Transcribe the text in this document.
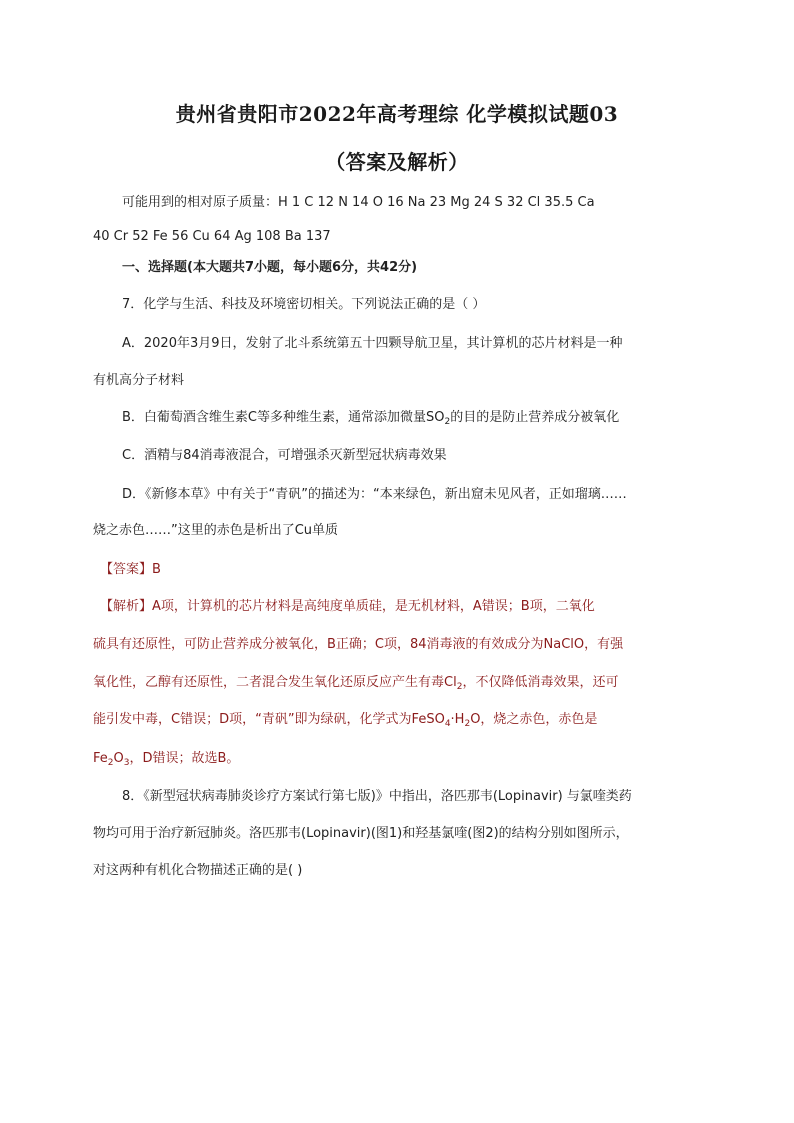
贵州省贵阳市2022年高考理综 化学模拟试题03
（答案及解析）
可能用到的相对原子质量：H 1 C 12 N 14 O 16 Na 23 Mg 24 S 32 Cl 35.5 Ca
40 Cr 52 Fe 56 Cu 64 Ag 108 Ba 137
一、选择题(本大题共7小题，每小题6分，共42分)
7．化学与生活、科技及环境密切相关。下列说法正确的是（ ）
A．2020年3月9日，发射了北斗系统第五十四颗导航卫星，其计算机的芯片材料是一种
有机高分子材料
B．白葡萄酒含维生素C等多种维生素，通常添加微量$SO_2$的目的是防止营养成分被氧化
C．酒精与84消毒液混合，可增强杀灭新型冠状病毒效果
D．《新修本草》中有关于“青矾”的描述为：“本来绿色，新出窟未见风者，正如瑠璃……
烧之赤色……”这里的赤色是析出了Cu单质
【答案】B
【解析】A项，计算机的芯片材料是高纯度单质硅，是无机材料，A错误；B项，二氧化
硫具有还原性，可防止营养成分被氧化，B正确；C项，84消毒液的有效成分为NaClO，有强
氧化性，乙醇有还原性，二者混合发生氧化还原反应产生有毒$Cl_2$，不仅降低消毒效果，还可
能引发中毒，C错误；D项，“青矾”即为绿矾，化学式为$FeSO_4\cdot H_2O$，烧之赤色，赤色是
$Fe_2O_3$，D错误；故选B。
8．《新型冠状病毒肺炎诊疗方案试行第七版)》中指出，洛匹那韦(Lopinavir) 与氯喹类药
物均可用于治疗新冠肺炎。洛匹那韦(Lopinavir)(图1)和羟基氯喹(图2)的结构分别如图所示，
对这两种有机化合物描述正确的是( )
